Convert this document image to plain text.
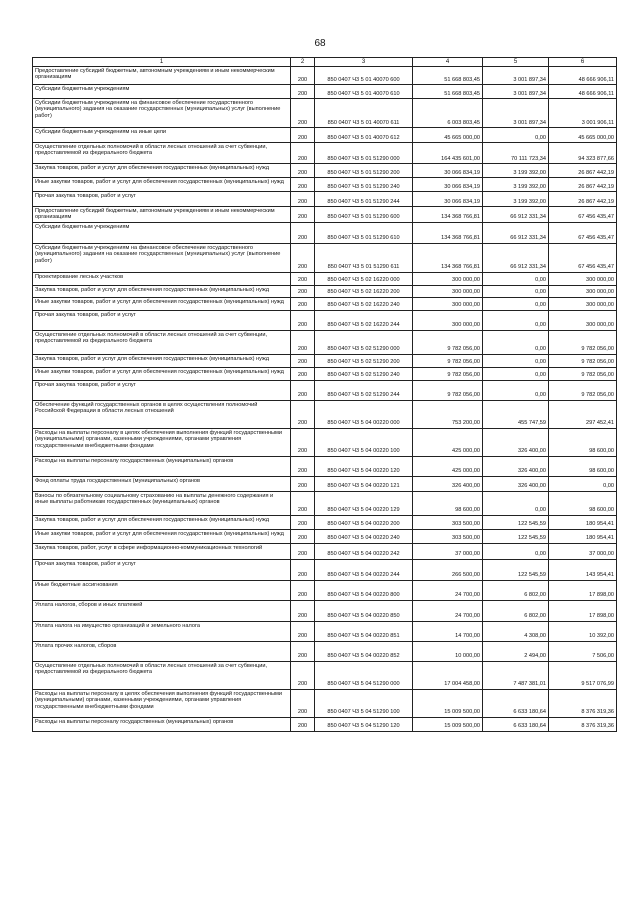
68
1	2	3	4	5	6
Предоставление субсидий бюджетным, автономным учреждениям и иным некоммерческим организациям	200	850 0407 Ч3 5 01 40070 600	51 668 803,45	3 001 897,34	48 666 906,11
Субсидии бюджетным учреждениям	200	850 0407 Ч3 5 01 40070 610	51 668 803,45	3 001 897,34	48 666 906,11
Субсидии бюджетным учреждениям на финансовое обеспечение государственного (муниципального) задания на оказание государственных (муниципальных) услуг (выполнение работ)	200	850 0407 Ч3 5 01 40070 611	6 003 803,45	3 001 897,34	3 001 906,11
Субсидии бюджетным учреждениям на иные цели	200	850 0407 Ч3 5 01 40070 612	45 665 000,00	0,00	45 665 000,00
Осуществление отдельных полномочий в области лесных отношений за счет субвенции, предоставляемой из федерального бюджета	200	850 0407 Ч3 5 01 51290 000	164 435 601,00	70 111 723,34	94 323 877,66
Закупка товаров, работ и услуг для обеспечения государственных (муниципальных) нужд	200	850 0407 Ч3 5 01 51290 200	30 066 834,19	3 199 392,00	26 867 442,19
Иные закупки товаров, работ и услуг для обеспечения государственных (муниципальных) нужд	200	850 0407 Ч3 5 01 51290 240	30 066 834,19	3 199 392,00	26 867 442,19
Прочая закупка товаров, работ и услуг	200	850 0407 Ч3 5 01 51290 244	30 066 834,19	3 199 392,00	26 867 442,19
Предоставление субсидий бюджетным, автономным учреждениям и иным некоммерческим организациям	200	850 0407 Ч3 5 01 51290 600	134 368 766,81	66 912 331,34	67 456 435,47
Субсидии бюджетным учреждениям	200	850 0407 Ч3 5 01 51290 610	134 368 766,81	66 912 331,34	67 456 435,47
Субсидии бюджетным учреждениям на финансовое обеспечение государственного (муниципального) задания на оказание государственных (муниципальных) услуг (выполнение работ)	200	850 0407 Ч3 5 01 51290 611	134 368 766,81	66 912 331,34	67 456 435,47
Проектирование лесных участков	200	850 0407 Ч3 5 02 16220 000	300 000,00	0,00	300 000,00
Закупка товаров, работ и услуг для обеспечения государственных (муниципальных) нужд	200	850 0407 Ч3 5 02 16220 200	300 000,00	0,00	300 000,00
Иные закупки товаров, работ и услуг для обеспечения государственных (муниципальных) нужд	200	850 0407 Ч3 5 02 16220 240	300 000,00	0,00	300 000,00
Прочая закупка товаров, работ и услуг	200	850 0407 Ч3 5 02 16220 244	300 000,00	0,00	300 000,00
Осуществление отдельных полномочий в области лесных отношений за счет субвенции, предоставляемой из федерального бюджета	200	850 0407 Ч3 5 02 51290 000	9 782 056,00	0,00	9 782 056,00
Закупка товаров, работ и услуг для обеспечения государственных (муниципальных) нужд	200	850 0407 Ч3 5 02 51290 200	9 782 056,00	0,00	9 782 056,00
Иные закупки товаров, работ и услуг для обеспечения государственных (муниципальных) нужд	200	850 0407 Ч3 5 02 51290 240	9 782 056,00	0,00	9 782 056,00
Прочая закупка товаров, работ и услуг	200	850 0407 Ч3 5 02 51290 244	9 782 056,00	0,00	9 782 056,00
Обеспечение функций государственных органов в целях осуществления полномочий Российской Федерации в области лесных отношений	200	850 0407 Ч3 5 04 00220 000	753 200,00	455 747,59	297 452,41
Расходы на выплаты персоналу в целях обеспечения выполнения функций государственными (муниципальными) органами, казенными учреждениями, органами управления государственными внебюджетными фондами	200	850 0407 Ч3 5 04 00220 100	425 000,00	326 400,00	98 600,00
Расходы на выплаты персоналу государственных (муниципальных) органов	200	850 0407 Ч3 5 04 00220 120	425 000,00	326 400,00	98 600,00
Фонд оплаты труда государственных (муниципальных) органов	200	850 0407 Ч3 5 04 00220 121	326 400,00	326 400,00	0,00
Взносы по обязательному социальному страхованию на выплаты денежного содержания и иные выплаты работникам государственных (муниципальных) органов	200	850 0407 Ч3 5 04 00220 129	98 600,00	0,00	98 600,00
Закупка товаров, работ и услуг для обеспечения государственных (муниципальных) нужд	200	850 0407 Ч3 5 04 00220 200	303 500,00	122 545,59	180 954,41
Иные закупки товаров, работ и услуг для обеспечения государственных (муниципальных) нужд	200	850 0407 Ч3 5 04 00220 240	303 500,00	122 545,59	180 954,41
Закупка товаров, работ, услуг в сфере информационно-коммуникационных технологий	200	850 0407 Ч3 5 04 00220 242	37 000,00	0,00	37 000,00
Прочая закупка товаров, работ и услуг	200	850 0407 Ч3 5 04 00220 244	266 500,00	122 545,59	143 954,41
Иные бюджетные ассигнования	200	850 0407 Ч3 5 04 00220 800	24 700,00	6 802,00	17 898,00
Уплата налогов, сборов и иных платежей	200	850 0407 Ч3 5 04 00220 850	24 700,00	6 802,00	17 898,00
Уплата налога на имущество организаций и земельного налога	200	850 0407 Ч3 5 04 00220 851	14 700,00	4 308,00	10 392,00
Уплата прочих налогов, сборов	200	850 0407 Ч3 5 04 00220 852	10 000,00	2 494,00	7 506,00
Осуществление отдельных полномочий в области лесных отношений за счет субвенции, предоставляемой из федерального бюджета	200	850 0407 Ч3 5 04 51290 000	17 004 458,00	7 487 381,01	9 517 076,99
Расходы на выплаты персоналу в целях обеспечения выполнения функций государственными (муниципальными) органами, казенными учреждениями, органами управления государственными внебюджетными фондами	200	850 0407 Ч3 5 04 51290 100	15 009 500,00	6 633 180,64	8 376 319,36
Расходы на выплаты персоналу государственных (муниципальных) органов	200	850 0407 Ч3 5 04 51290 120	15 009 500,00	6 633 180,64	8 376 319,36
